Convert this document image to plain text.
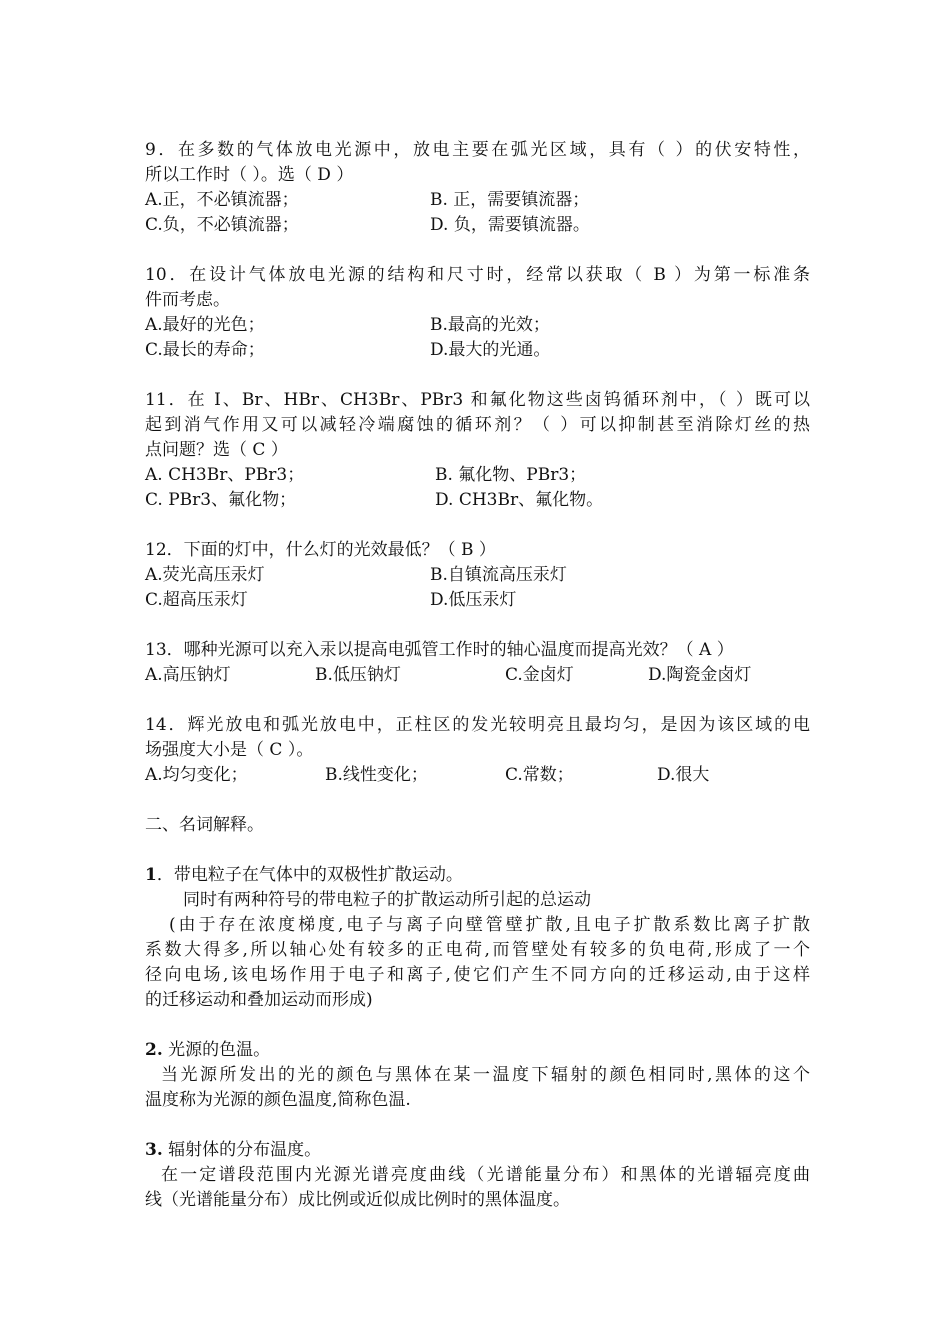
9．在多数的气体放电光源中，放电主要在弧光区域，具有（ ）的伏安特性，
所以工作时（ ）。选（ D ）
A.正，不必镇流器；	B. 正，需要镇流器；
C.负，不必镇流器；	D. 负，需要镇流器。
10．在设计气体放电光源的结构和尺寸时，经常以获取（ B ）为第一标准条
件而考虑。
A.最好的光色；	B.最高的光效；
C.最长的寿命；	D.最大的光通。
11．在 I、Br、HBr、CH3Br、PBr3 和氟化物这些卤钨循环剂中，（ ）既可以
起到消气作用又可以减轻冷端腐蚀的循环剂？（ ）可以抑制甚至消除灯丝的热
点问题？选（ C ）
A. CH3Br、PBr3；	B. 氟化物、PBr3；
C. PBr3、氟化物；	D. CH3Br、氟化物。
12．下面的灯中，什么灯的光效最低？（ B ）
A.荧光高压汞灯	B.自镇流高压汞灯
C.超高压汞灯	D.低压汞灯
13．哪种光源可以充入汞以提高电弧管工作时的轴心温度而提高光效？（ A ）
A.高压钠灯	B.低压钠灯	C.金卤灯	D.陶瓷金卤灯
14．辉光放电和弧光放电中，正柱区的发光较明亮且最均匀，是因为该区域的电
场强度大小是（ C ）。
A.均匀变化；	B.线性变化；	C.常数；	D.很大
二、名词解释。
1．带电粒子在气体中的双极性扩散运动。
同时有两种符号的带电粒子的扩散运动所引起的总运动
(由于存在浓度梯度,电子与离子向壁管壁扩散,且电子扩散系数比离子扩散
系数大得多,所以轴心处有较多的正电荷,而管壁处有较多的负电荷,形成了一个
径向电场,该电场作用于电子和离子,使它们产生不同方向的迁移运动,由于这样
的迁移运动和叠加运动而形成)
2. 光源的色温。
当光源所发出的光的颜色与黑体在某一温度下辐射的颜色相同时,黑体的这个
温度称为光源的颜色温度,简称色温.
3. 辐射体的分布温度。
在一定谱段范围内光源光谱亮度曲线（光谱能量分布）和黑体的光谱辐亮度曲
线（光谱能量分布）成比例或近似成比例时的黑体温度。
